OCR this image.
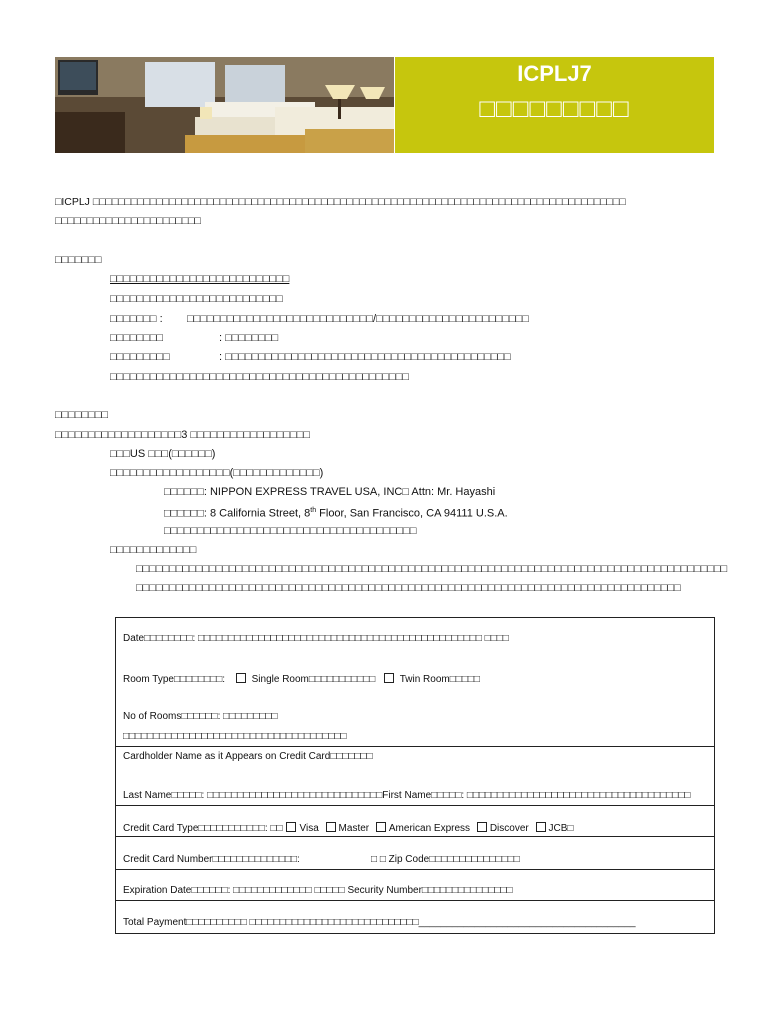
ICPLJ7
□□□□□□□□□
□ICPLJ □□□□□□□□□□□□□□□□□□□□□□□□□□□□□□□□□□□□□□□□□□□□□□□□□□□□□□□□□□□□□□□□□□□□□□□□□□□□□□□□□□□□
□□□□□□□□□□□□□□□□□□□□□□□
□□□□□□□
□□□□□□□□□□□□□□□□□□□□□□□□□□□
□□□□□□□□□□□□□□□□□□□□□□□□□□
□□□□□□□ : □□□□□□□□□□□□□□□□□□□□□□□□□□□□/□□□□□□□□□□□□□□□□□□□□□□□
□□□□□□□□	: □□□□□□□□
□□□□□□□□□	: □□□□□□□□□□□□□□□□□□□□□□□□□□□□□□□□□□□□□□□□□□□
□□□□□□□□□□□□□□□□□□□□□□□□□□□□□□□□□□□□□□□□□□□□□
□□□□□□□□
□□□□□□□□□□□□□□□□□□□3 □□□□□□□□□□□□□□□□□□
□□□US □□□(□□□□□□)
□□□□□□□□□□□□□□□□□□(□□□□□□□□□□□□□)
□□□□□□: NIPPON EXPRESS TRAVEL USA, INC□ Attn: Mr. Hayashi
□□□□□□: 8 California Street, 8th Floor, San Francisco, CA 94111 U.S.A.
□□□□□□□□□□□□□□□□□□□□□□□□□□□□□□□□□□□□□□
□□□□□□□□□□□□□
□□□□□□□□□□□□□□□□□□□□□□□□□□□□□□□□□□□□□□□□□□□□□□□□□□□□□□□□□□□□□□□□□□□□□□□□□□□□□□□□□□□□□□□□□
□□□□□□□□□□□□□□□□□□□□□□□□□□□□□□□□□□□□□□□□□□□□□□□□□□□□□□□□□□□□□□□□□□□□□□□□□□□□□□□□□□
Date□□□□□□□□: □□□□□□□□□□□□□□□□□□□□□□□□□□□□□□□□□□□□□□□□□□□□□□□ □□□□
Room Type□□□□□□□□:	Single Room□□□□□□□□□□□ Twin Room□□□□□
No of Rooms□□□□□□: □□□□□□□□□
□□□□□□□□□□□□□□□□□□□□□□□□□□□□□□□□□□□□□
Cardholder Name as it Appears on Credit Card□□□□□□□
Last Name□□□□□: □□□□□□□□□□□□□□□□□□□□□□□□□□□□□First Name□□□□□: □□□□□□□□□□□□□□□□□□□□□□□□□□□□□□□□□□□□□
Credit Card Type□□□□□□□□□□□: □□ Visa Master American Express Discover JCB□
Credit Card Number□□□□□□□□□□□□□□:	□ □ Zip Code□□□□□□□□□□□□□□□
Expiration Date□□□□□□: □□□□□□□□□□□□□ □□□□□ Security Number□□□□□□□□□□□□□□□
Total Payment□□□□□□□□□□ □□□□□□□□□□□□□□□□□□□□□□□□□□□□_______________________________________
